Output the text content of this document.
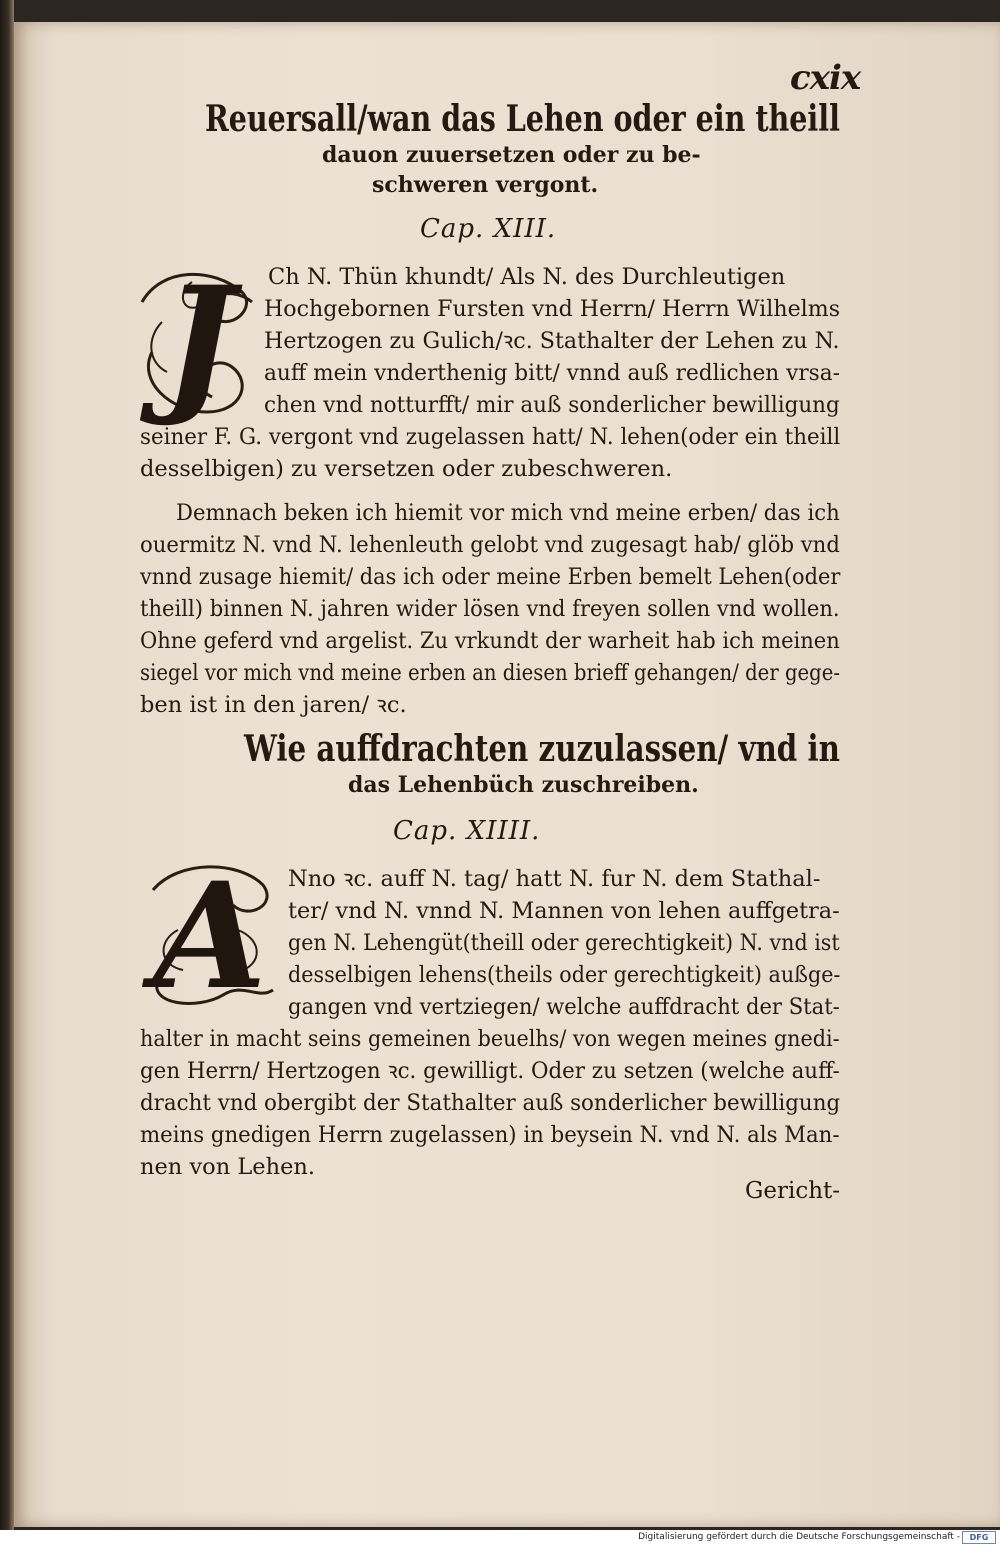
cxix
Reuersall/wan das Lehen oder ein theill
dauon zuuersetzen oder zu be-
schweren vergont.
Cap. XIII.
J	Ch N. Thün khundt/ Als N. des Durchleutigen
Hochgebornen Fursten vnd Herrn/ Herrn Wilhelms
Hertzogen zu Gulich/ꝛc. Stathalter der Lehen zu N.
auff mein vnderthenig bitt/ vnnd auß redlichen vrsa-
chen vnd notturfft/ mir auß sonderlicher bewilligung
seiner F. G. vergont vnd zugelassen hatt/ N. lehen(oder ein theill
desselbigen) zu versetzen oder zubeschweren.
Demnach beken ich hiemit vor mich vnd meine erben/ das ich
ouermitz N. vnd N. lehenleuth gelobt vnd zugesagt hab/ glöb vnd
vnnd zusage hiemit/ das ich oder meine Erben bemelt Lehen(oder
theill) binnen N. jahren wider lösen vnd freyen sollen vnd wollen.
Ohne geferd vnd argelist. Zu vrkundt der warheit hab ich meinen
siegel vor mich vnd meine erben an diesen brieff gehangen/ der gege-
ben ist in den jaren/ ꝛc.
Wie auffdrachten zuzulassen/ vnd in
das Lehenbüch zuschreiben.
Cap. XIIII.
A Nno ꝛc. auff N. tag/ hatt N. fur N. dem Stathal-
ter/ vnd N. vnnd N. Mannen von lehen auffgetra-
gen N. Lehengüt(theill oder gerechtigkeit) N. vnd ist
desselbigen lehens(theils oder gerechtigkeit) außge-
gangen vnd vertziegen/ welche auffdracht der Stat-
halter in macht seins gemeinen beuelhs/ von wegen meines gnedi-
gen Herrn/ Hertzogen ꝛc. gewilligt. Oder zu setzen (welche auff-
dracht vnd obergibt der Stathalter auß sonderlicher bewilligung
meins gnedigen Herrn zugelassen) in beysein N. vnd N. als Man-
nen von Lehen.
Gericht-
Digitalisierung gefördert durch die Deutsche Forschungsgemeinschaft -	DFG
